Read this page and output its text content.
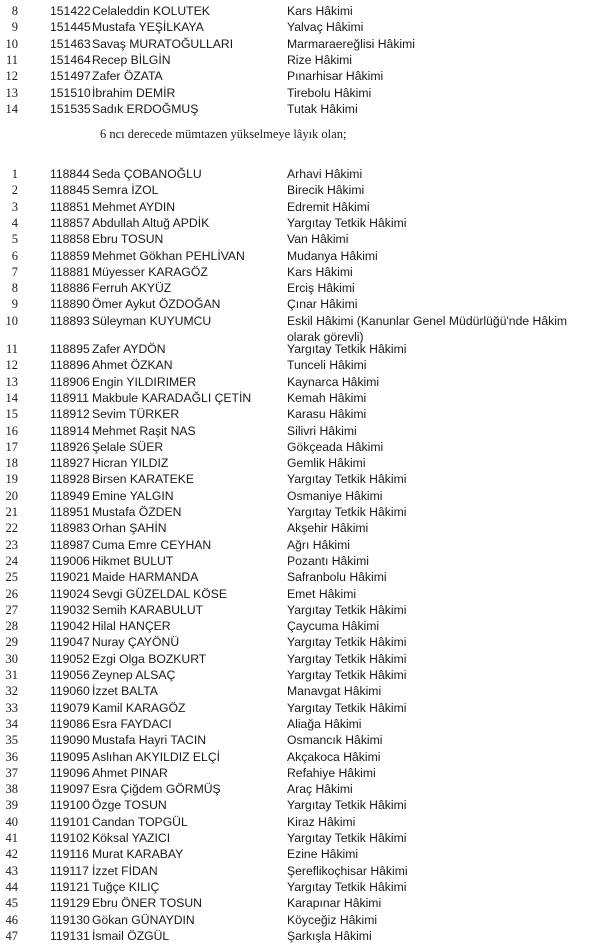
8	151422 Celaleddin KOLUTEK	Kars Hâkimi
9	151445 Mustafa YEŞİLKAYA	Yalvaç Hâkimi
10	151463 Savaş MURATOĞULLARI	Marmaraereğlisi Hâkimi
11	151464 Recep BİLGİN	Rize Hâkimi
12	151497 Zafer ÖZATA	Pınarhisar Hâkimi
13	151510 İbrahim DEMİR	Tirebolu Hâkimi
14	151535 Sadık ERDOĞMUŞ	Tutak Hâkimi
6 ncı derecede mümtazen yükselmeye lâyık olan;
1	118844 Seda ÇOBANOĞLU	Arhavi Hâkimi
2	118845 Semra İZOL	Birecik Hâkimi
3	118851 Mehmet AYDIN	Edremit Hâkimi
4	118857 Abdullah Altuğ APDİK	Yargıtay Tetkik Hâkimi
5	118858 Ebru TOSUN	Van Hâkimi
6	118859 Mehmet Gökhan PEHLİVAN	Mudanya Hâkimi
7	118881 Müyesser KARAGÖZ	Kars Hâkimi
8	118886 Ferruh AKYÜZ	Erciş Hâkimi
9	118890 Ömer Aykut ÖZDOĞAN	Çınar Hâkimi
10	118893 Süleyman KUYUMCU	Eskil Hâkimi (Kanunlar Genel Müdürlüğü'nde Hâkim olarak görevli)
11	118895 Zafer AYDÖN	Yargıtay Tetkik Hâkimi
12	118896 Ahmet ÖZKAN	Tunceli Hâkimi
13	118906 Engin YILDIRIMER	Kaynarca Hâkimi
14	118911 Makbule KARADAĞLI ÇETİN	Kemah Hâkimi
15	118912 Sevim TÜRKER	Karasu Hâkimi
16	118914 Mehmet Raşit NAS	Silivri Hâkimi
17	118926 Şelale SÜER	Gökçeada Hâkimi
18	118927 Hicran YILDIZ	Gemlik Hâkimi
19	118928 Birsen KARATEKE	Yargıtay Tetkik Hâkimi
20	118949 Emine YALGIN	Osmaniye Hâkimi
21	118951 Mustafa ÖZDEN	Yargıtay Tetkik Hâkimi
22	118983 Orhan ŞAHİN	Akşehir Hâkimi
23	118987 Cuma Emre CEYHAN	Ağrı Hâkimi
24	119006 Hikmet BULUT	Pozantı Hâkimi
25	119021 Maide HARMANDA	Safranbolu Hâkimi
26	119024 Sevgi GÜZELDAL KÖSE	Emet Hâkimi
27	119032 Semih KARABULUT	Yargıtay Tetkik Hâkimi
28	119042 Hilal HANÇER	Çaycuma Hâkimi
29	119047 Nuray ÇAYÖNÜ	Yargıtay Tetkik Hâkimi
30	119052 Ezgi Olga BOZKURT	Yargıtay Tetkik Hâkimi
31	119056 Zeynep ALSAÇ	Yargıtay Tetkik Hâkimi
32	119060 İzzet BALTA	Manavgat Hâkimi
33	119079 Kamil KARAGÖZ	Yargıtay Tetkik Hâkimi
34	119086 Esra FAYDACI	Aliağa Hâkimi
35	119090 Mustafa Hayri TACIN	Osmancık Hâkimi
36	119095 Aslıhan AKYILDIZ ELÇİ	Akçakoca Hâkimi
37	119096 Ahmet PINAR	Refahiye Hâkimi
38	119097 Esra Çiğdem GÖRMÜŞ	Araç Hâkimi
39	119100 Özge TOSUN	Yargıtay Tetkik Hâkimi
40	119101 Candan TOPGÜL	Kiraz Hâkimi
41	119102 Köksal YAZICI	Yargıtay Tetkik Hâkimi
42	119116 Murat KARABAY	Ezine Hâkimi
43	119117 İzzet FİDAN	Şereflikoçhisar Hâkimi
44	119121 Tuğçe KILIÇ	Yargıtay Tetkik Hâkimi
45	119129 Ebru ÖNER TOSUN	Karapınar Hâkimi
46	119130 Gökan GÜNAYDIN	Köyceğiz Hâkimi
47	119131 İsmail ÖZGÜL	Şarkışla Hâkimi
